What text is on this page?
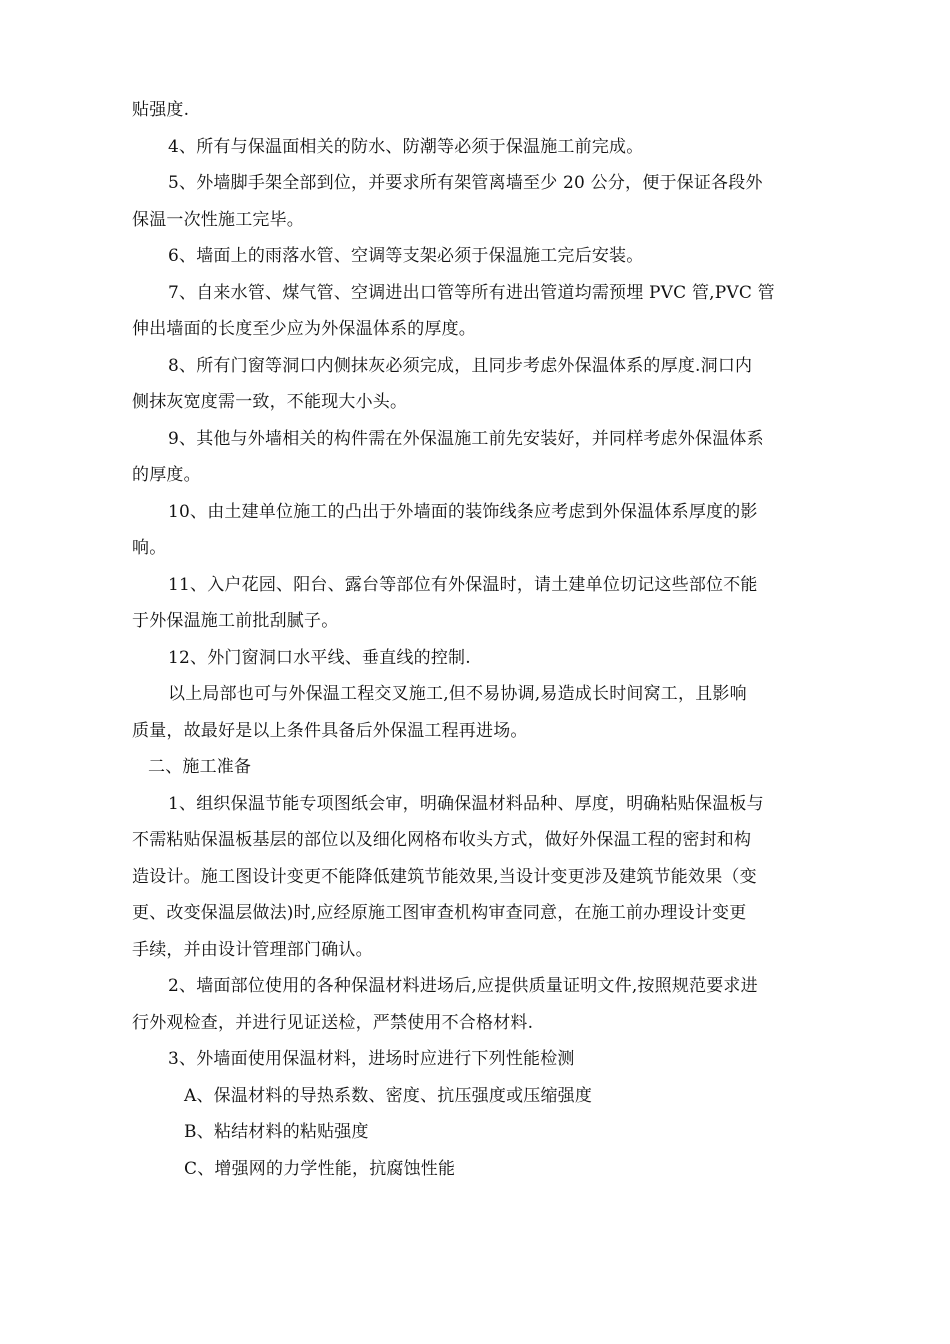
贴强度.
4、所有与保温面相关的防水、防潮等必须于保温施工前完成。
5、外墙脚手架全部到位，并要求所有架管离墙至少 20 公分，便于保证各段外
保温一次性施工完毕。
6、墙面上的雨落水管、空调等支架必须于保温施工完后安装。
7、自来水管、煤气管、空调进出口管等所有进出管道均需预埋 PVC 管,PVC 管
伸出墙面的长度至少应为外保温体系的厚度。
8、所有门窗等洞口内侧抹灰必须完成，且同步考虑外保温体系的厚度.洞口内
侧抹灰宽度需一致，不能现大小头。
9、其他与外墙相关的构件需在外保温施工前先安装好，并同样考虑外保温体系
的厚度。
10、由土建单位施工的凸出于外墙面的装饰线条应考虑到外保温体系厚度的影
响。
11、入户花园、阳台、露台等部位有外保温时，请土建单位切记这些部位不能
于外保温施工前批刮腻子。
12、外门窗洞口水平线、垂直线的控制.
以上局部也可与外保温工程交叉施工,但不易协调,易造成长时间窝工，且影响
质量，故最好是以上条件具备后外保温工程再进场。
二、施工准备
1、组织保温节能专项图纸会审，明确保温材料品种、厚度，明确粘贴保温板与
不需粘贴保温板基层的部位以及细化网格布收头方式，做好外保温工程的密封和构
造设计。施工图设计变更不能降低建筑节能效果,当设计变更涉及建筑节能效果（变
更、改变保温层做法)时,应经原施工图审查机构审查同意，在施工前办理设计变更
手续，并由设计管理部门确认。
2、墙面部位使用的各种保温材料进场后,应提供质量证明文件,按照规范要求进
行外观检查，并进行见证送检，严禁使用不合格材料.
3、外墙面使用保温材料，进场时应进行下列性能检测
A、保温材料的导热系数、密度、抗压强度或压缩强度
B、粘结材料的粘贴强度
C、增强网的力学性能，抗腐蚀性能
